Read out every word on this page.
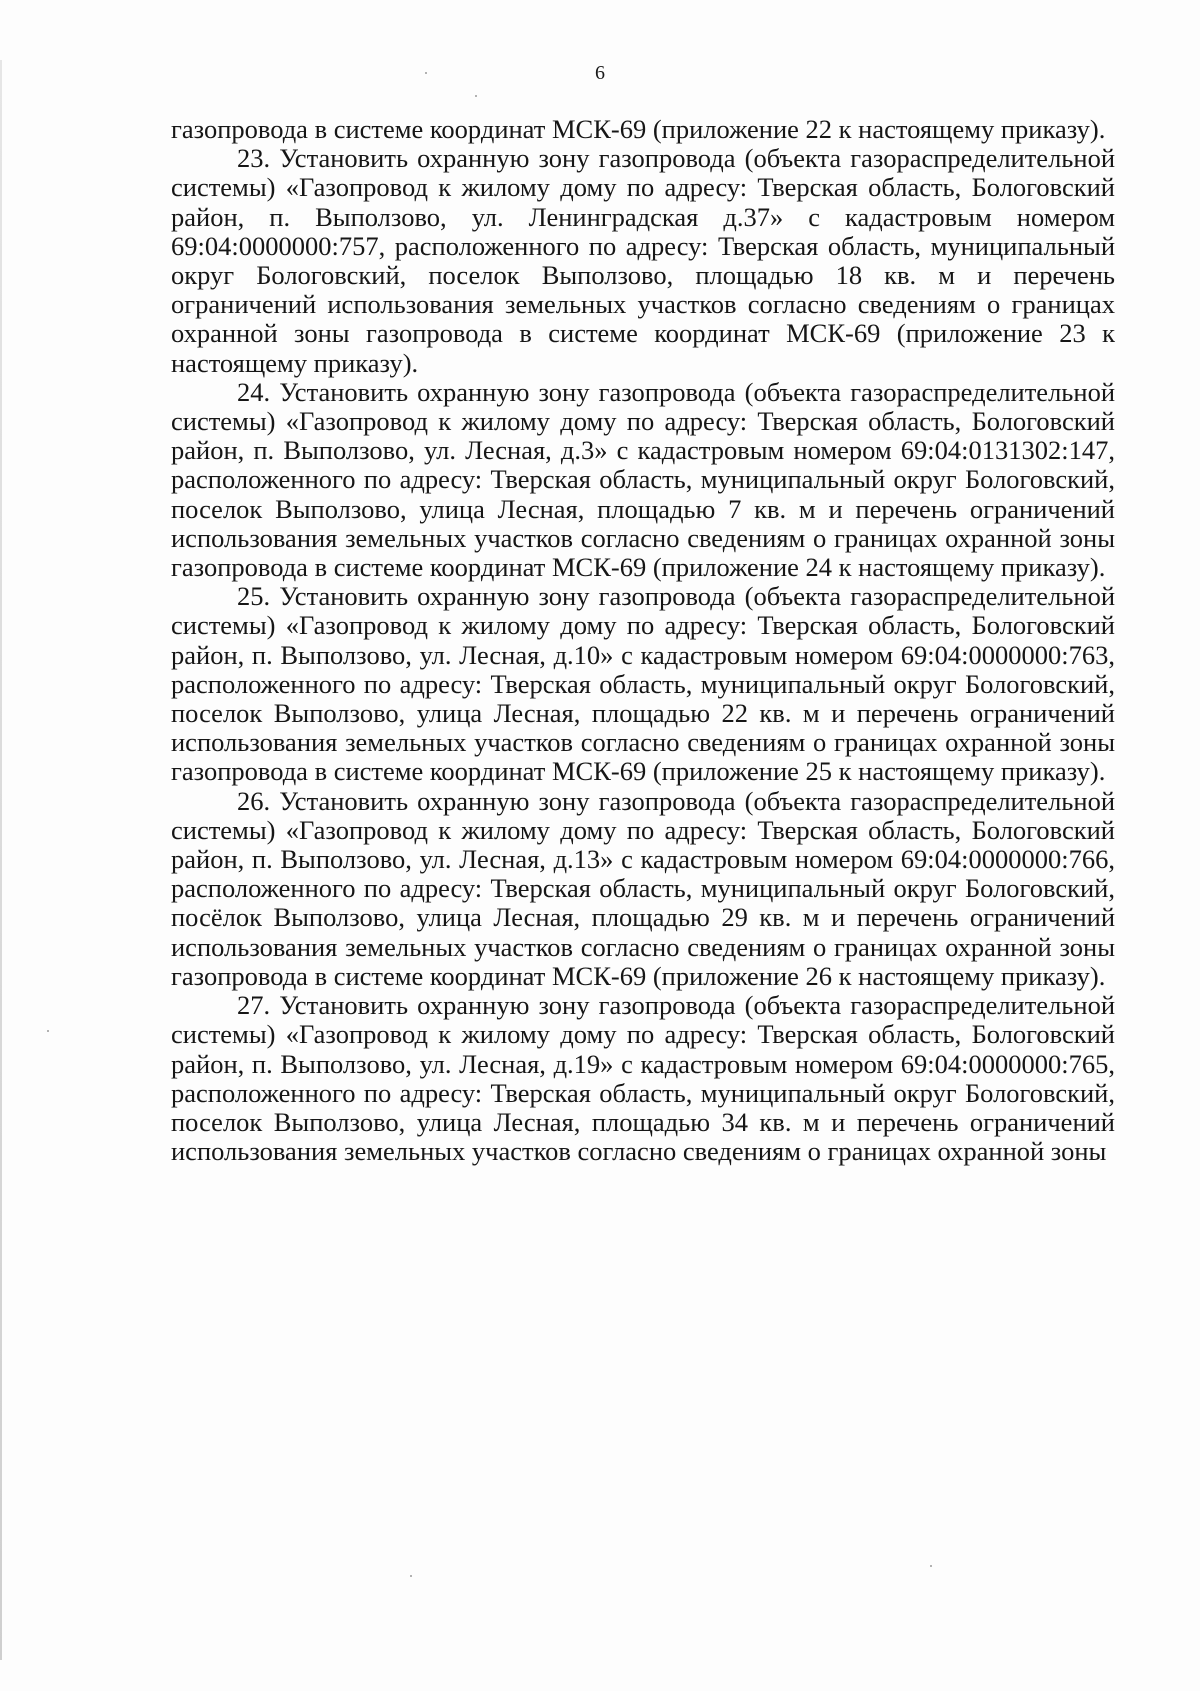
6

газопровода в системе координат МСК-69 (приложение 22 к настоящему приказу).

23. Установить охранную зону газопровода (объекта газораспределительной системы) «Газопровод к жилому дому по адресу: Тверская область, Бологовский район, п. Выползово, ул. Ленинградская д.37» с кадастровым номером 69:04:0000000:757, расположенного по адресу: Тверская область, муниципальный округ Бологовский, поселок Выползово, площадью 18 кв. м и перечень ограничений использования земельных участков согласно сведениям о границах охранной зоны газопровода в системе координат МСК-69 (приложение 23 к настоящему приказу).

24. Установить охранную зону газопровода (объекта газораспределительной системы) «Газопровод к жилому дому по адресу: Тверская область, Бологовский район, п. Выползово, ул. Лесная, д.3» с кадастровым номером 69:04:0131302:147, расположенного по адресу: Тверская область, муниципальный округ Бологовский, поселок Выползово, улица Лесная, площадью 7 кв. м и перечень ограничений использования земельных участков согласно сведениям о границах охранной зоны газопровода в системе координат МСК-69 (приложение 24 к настоящему приказу).

25. Установить охранную зону газопровода (объекта газораспределительной системы) «Газопровод к жилому дому по адресу: Тверская область, Бологовский район, п. Выползово, ул. Лесная, д.10» с кадастровым номером 69:04:0000000:763, расположенного по адресу: Тверская область, муниципальный округ Бологовский, поселок Выползово, улица Лесная, площадью 22 кв. м и перечень ограничений использования земельных участков согласно сведениям о границах охранной зоны газопровода в системе координат МСК-69 (приложение 25 к настоящему приказу).

26. Установить охранную зону газопровода (объекта газораспределительной системы) «Газопровод к жилому дому по адресу: Тверская область, Бологовский район, п. Выползово, ул. Лесная, д.13» с кадастровым номером 69:04:0000000:766, расположенного по адресу: Тверская область, муниципальный округ Бологовский, посёлок Выползово, улица Лесная, площадью 29 кв. м и перечень ограничений использования земельных участков согласно сведениям о границах охранной зоны газопровода в системе координат МСК-69 (приложение 26 к настоящему приказу).

27. Установить охранную зону газопровода (объекта газораспределительной системы) «Газопровод к жилому дому по адресу: Тверская область, Бологовский район, п. Выползово, ул. Лесная, д.19» с кадастровым номером 69:04:0000000:765, расположенного по адресу: Тверская область, муниципальный округ Бологовский, поселок Выползово, улица Лесная, площадью 34 кв. м и перечень ограничений использования земельных участков согласно сведениям о границах охранной зоны
